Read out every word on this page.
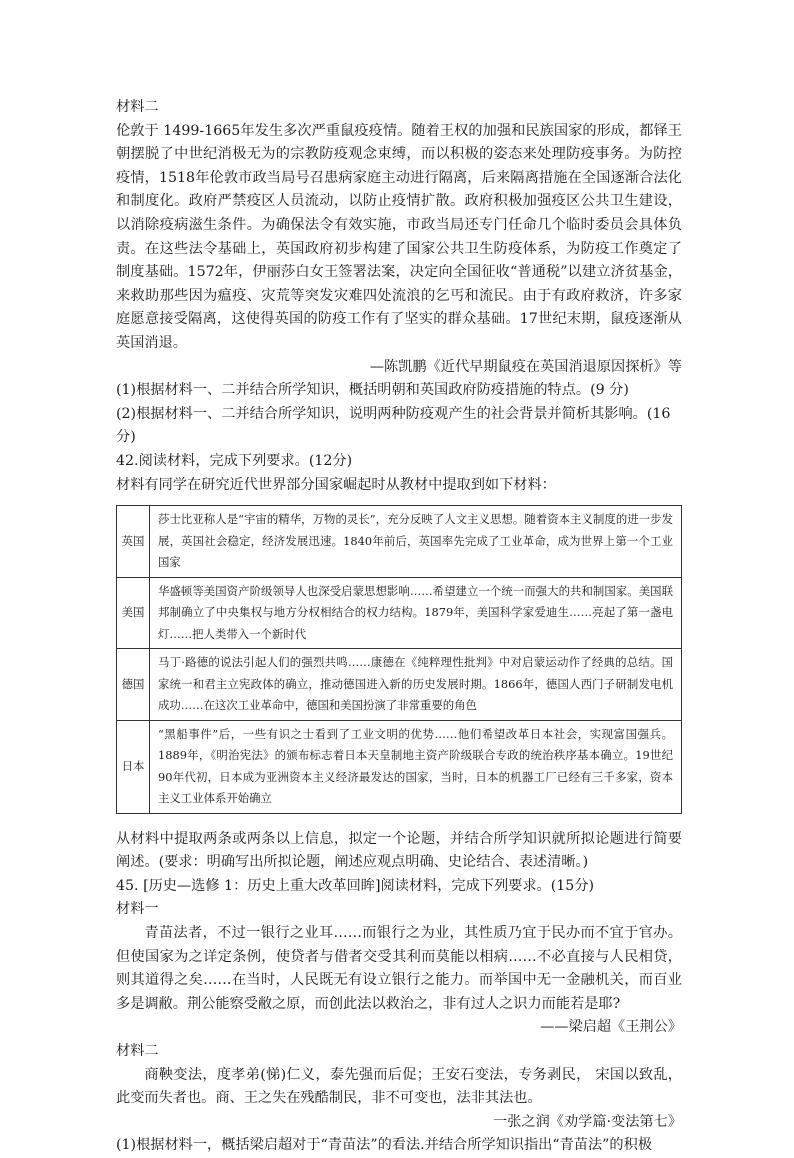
材料二

伦敦于 1499-1665年发生多次严重鼠疫疫情。随着王权的加强和民族国家的形成，都铎王朝摆脱了中世纪消极无为的宗教防疫观念束缚，而以积极的姿态来处理防疫事务。为防控疫情，1518年伦敦市政当局号召患病家庭主动进行隔离，后来隔离措施在全国逐渐合法化和制度化。政府严禁疫区人员流动，以防止疫情扩散。政府积极加强疫区公共卫生建设，以消除疫病滋生条件。为确保法令有效实施，市政当局还专门任命几个临时委员会具体负责。在这些法令基础上，英国政府初步构建了国家公共卫生防疫体系，为防疫工作奠定了制度基础。1572年，伊丽莎白女王签署法案，决定向全国征收“普通税”以建立济贫基金，来救助那些因为瘟疫、灾荒等突发灾难四处流浪的乞丐和流民。由于有政府救济，许多家庭愿意接受隔离，这使得英国的防疫工作有了坚实的群众基础。17世纪末期，鼠疫逐渐从英国消退。

—陈凯鹏《近代早期鼠疫在英国消退原因探析》等

(1)根据材料一、二并结合所学知识，概括明朝和英国政府防疫措施的特点。(9 分)

(2)根据材料一、二并结合所学知识，说明两种防疫观产生的社会背景并简析其影响。(16分)

42.阅读材料，完成下列要求。(12分)

材料有同学在研究近代世界部分国家崛起时从教材中提取到如下材料：

英国	莎士比亚称人是“宇宙的精华，万物的灵长”，充分反映了人文主义思想。随着资本主义制度的进一步发展，英国社会稳定，经济发展迅速。1840年前后，英国率先完成了工业革命，成为世界上第一个工业国家
美国	华盛顿等美国资产阶级领导人也深受启蒙思想影响……希望建立一个统一而强大的共和制国家。美国联邦制确立了中央集权与地方分权相结合的权力结构。1879年，美国科学家爱迪生……亮起了第一盏电灯……把人类带入一个新时代
德国	马丁·路德的说法引起人们的强烈共鸣……康德在《纯粹理性批判》中对启蒙运动作了经典的总结。国家统一和君主立宪政体的确立，推动德国进入新的历史发展时期。1866年，德国人西门子研制发电机成功……在这次工业革命中，德国和美国扮演了非常重要的角色
日本	“黑船事件”后，一些有识之士看到了工业文明的优势……他们希望改革日本社会，实现富国强兵。1889年，《明治宪法》的颁布标志着日本天皇制地主资产阶级联合专政的统治秩序基本确立。19世纪90年代初，日本成为亚洲资本主义经济最发达的国家，当时，日本的机器工厂已经有三千多家，资本主义工业体系开始确立

从材料中提取两条或两条以上信息，拟定一个论题，并结合所学知识就所拟论题进行简要阐述。(要求：明确写出所拟论题，阐述应观点明确、史论结合、表述清晰。)

45. [历史—选修 1：历史上重大改革回眸]阅读材料，完成下列要求。(15分)

材料一

青苗法者，不过一银行之业耳……而银行之为业，其性质乃宜于民办而不宜于官办。但使国家为之详定条例，使贷者与借者交受其利而莫能以相病……不必直接与人民相贷，则其道得之矣……在当时，人民既无有设立银行之能力。而举国中无一金融机关，而百业多是调敝。荆公能察受敝之原，而创此法以救治之，非有过人之识力而能若是耶?

——梁启超《王荆公》

材料二

商鞅变法，度孝弟(悌)仁义，泰先强而后促；王安石变法，专务剥民， 宋国以致乱，此变而失者也。商、王之失在残酷制民，非不可变也，法非其法也。

一张之润《劝学篇·变法第七》

(1)根据材料一，概括梁启超对于“青苗法”的看法.并结合所学知识指出“青苗法”的积极
